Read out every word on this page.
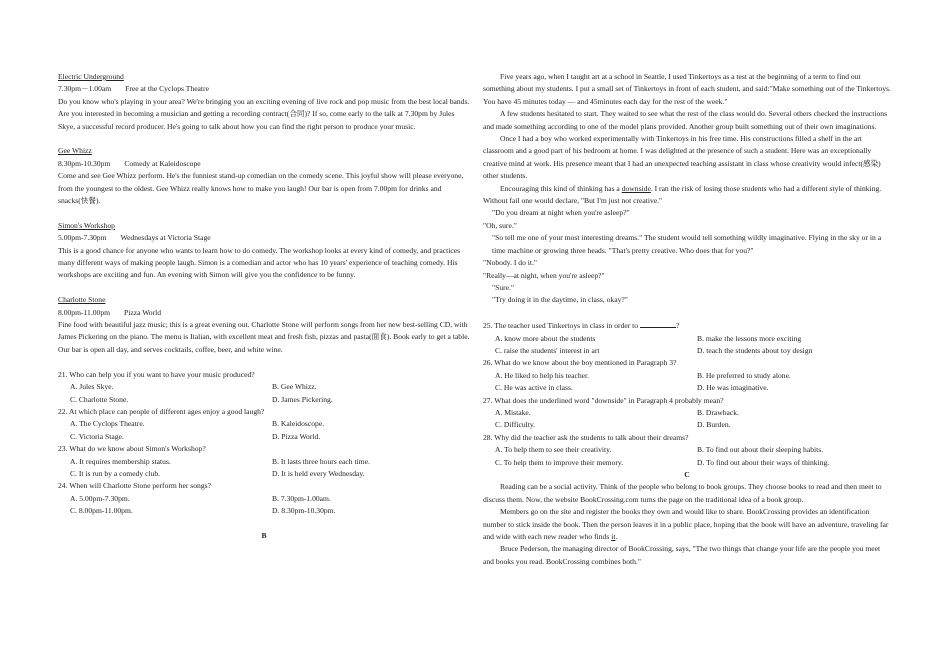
Electric Underground

7.30pm－1.00am Free at the Cyclops Theatre

Do you know who's playing in your area? We're bringing you an exciting evening of live rock and pop music from the best local bands. Are you interested in becoming a musician and getting a recording contract(合同)? If so, come early to the talk at 7.30pm by Jules Skye, a successful record producer. He's going to talk about how you can find the right person to produce your music.

Gee Whizz

8.30pm-10.30pm Comedy at Kaleidoscope

Come and see Gee Whizz perform. He's the funniest stand-up comedian on the comedy scene. This joyful show will please everyone, from the youngest to the oldest. Gee Whizz really knows how to make you laugh! Our bar is open from 7.00pm for drinks and snacks(快餐).

Simon's Workshop

5.00pm-7.30pm Wednesdays at Victoria Stage

This is a good chance for anyone who wants to learn how to do comedy. The workshop looks at every kind of comedy, and practices many different ways of making people laugh. Simon is a comedian and actor who has 10 years' experience of teaching comedy. His workshops are exciting and fun. An evening with Simon will give you the confidence to be funny.

Charlotte Stone

8.00pm-11.00pm Pizza World

Fine food with beautiful jazz music; this is a great evening out. Charlotte Stone will perform songs from her new best-selling CD, with James Pickering on the piano. The menu is Italian, with excellent meat and fresh fish, pizzas and pasta(面食). Book early to get a table. Our bar is open all day, and serves cocktails, coffee, beer, and white wine.

21. Who can help you if you want to have your music produced?

A. Jules Skye.	B. Gee Whizz.
C. Charlotte Stone.	D. James Pickering.

22. At which place can people of different ages enjoy a good laugh?

A. The Cyclops Theatre.	B. Kaleidoscope.
C. Victoria Stage.	D. Pizza World.

23. What do we know about Simon's Workshop?

A. It requires membership status.	B. It lasts three hours each time.
C. It is run by a comedy club.	D. It is held every Wednesday.

24. When will Charlotte Stone perform her songs?

A. 5.00pm-7.30pm.	B. 7.30pm-1.00am.
C. 8.00pm-11.00pm.	D. 8.30pm-10.30pm.

B

Five years ago, when I taught art at a school in Seattle, I used Tinkertoys as a test at the beginning of a term to find out something about my students. I put a small set of Tinkertoys in front of each student, and said:"Make something out of the Tinkertoys. You have 45 minutes today — and 45minutes each day for the rest of the week."

A few students hesitated to start. They waited to see what the rest of the class would do. Several others checked the instructions and made something according to one of the model plans provided. Another group built something out of their own imaginations.

Once I had a boy who worked experimentally with Tinkertoys in his free time. His constructions filled a shelf in the art classroom and a good part of his bedroom at home. I was delighted at the presence of such a student. Here was an exceptionally creative mind at work. His presence meant that I had an unexpected teaching assistant in class whose creativity would infect(感染) other students.

Encouraging this kind of thinking has a downside. I ran the risk of losing those students who had a different style of thinking. Without fail one would declare, "But I'm just not creative."

"Do you dream at night when you're asleep?"

"Oh, sure."

"So tell me one of your most interesting dreams." The student would tell something wildly imaginative. Flying in the sky or in a time machine or growing three heads. "That's pretty creative. Who does that for you?"

"Nobody. I do it."

"Really—at night, when you're asleep?"

"Sure."

"Try doing it in the daytime, in class, okay?"

25. The teacher used Tinkertoys in class in order to	?

A. know more about the students	B. make the lessons more exciting
C. raise the students' interest in art	D. teach the students about toy design

26. What do we know about the boy mentioned in Paragraph 3?

A. He liked to help his teacher.	B. He preferred to study alone.
C. He was active in class.	D. He was imaginative.

27. What does the underlined word "downside" in Paragraph 4 probably mean?

A. Mistake.	B. Drawback.
C. Difficulty.	D. Burden.

28. Why did the teacher ask the students to talk about their dreams?

A. To help them to see their creativity.	B. To find out about their sleeping habits.
C. To help them to improve their memory.	D. To find out about their ways of thinking.

C

Reading can be a social activity. Think of the people who belong to book groups. They choose books to read and then meet to discuss them. Now, the website BookCrossing.com turns the page on the traditional idea of a book group.

Members go on the site and register the books they own and would like to share. BookCrossing provides an identification number to stick inside the book. Then the person leaves it in a public place, hoping that the book will have an adventure, traveling far and wide with each new reader who finds it.

Bruce Pederson, the managing director of BookCrossing, says, "The two things that change your life are the people you meet and books you read. BookCrossing combines both."
